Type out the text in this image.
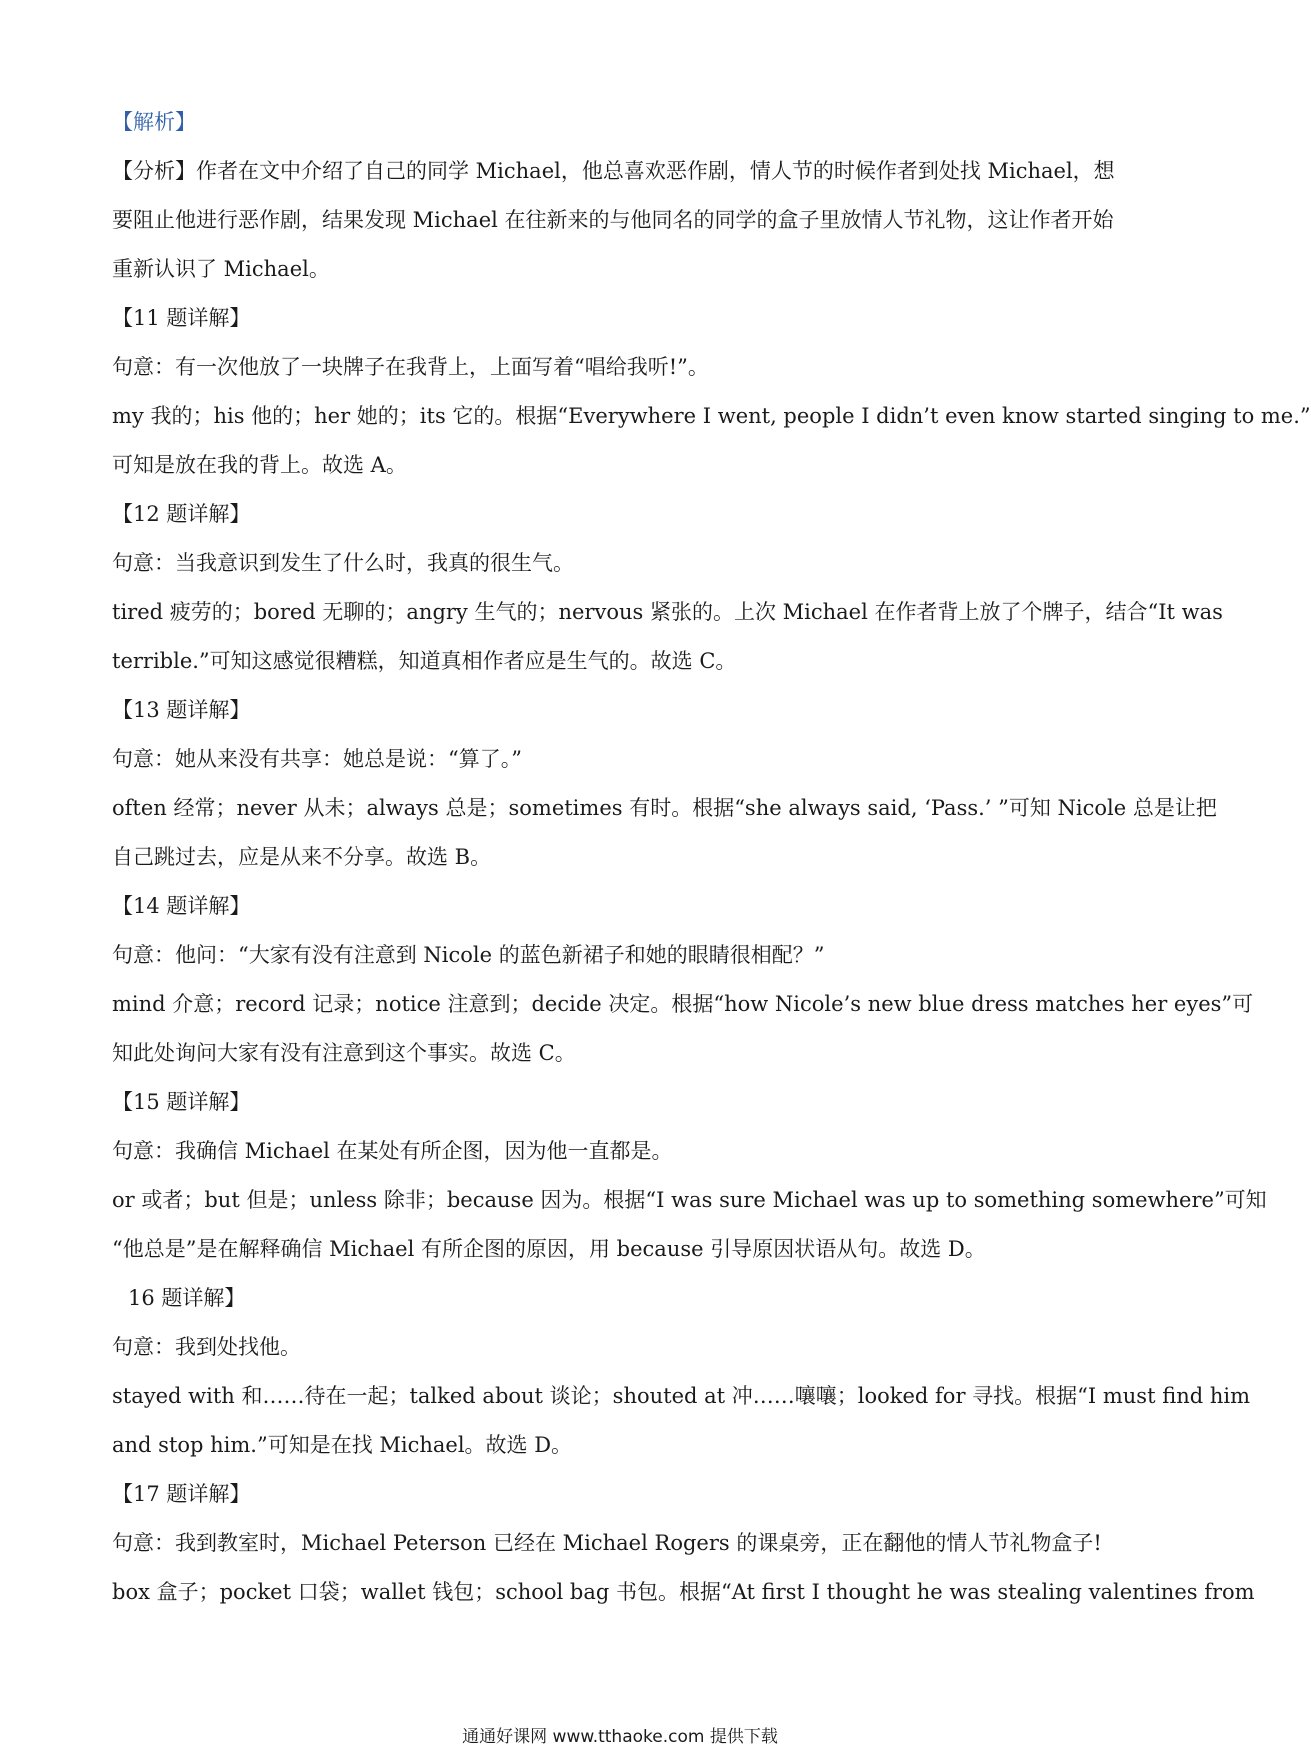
【解析】
【分析】作者在文中介绍了自己的同学 Michael，他总喜欢恶作剧，情人节的时候作者到处找 Michael，想
要阻止他进行恶作剧，结果发现 Michael 在往新来的与他同名的同学的盒子里放情人节礼物，这让作者开始
重新认识了 Michael。
【11 题详解】
句意：有一次他放了一块牌子在我背上，上面写着“唱给我听!”。
my 我的；his 他的；her 她的；its 它的。根据“Everywhere I went, people I didn’t even know started singing to me.”
可知是放在我的背上。故选 A。
【12 题详解】
句意：当我意识到发生了什么时，我真的很生气。
tired 疲劳的；bored 无聊的；angry 生气的；nervous 紧张的。上次 Michael 在作者背上放了个牌子，结合“It was
terrible.”可知这感觉很糟糕，知道真相作者应是生气的。故选 C。
【13 题详解】
句意：她从来没有共享：她总是说：“算了。”
often 经常；never 从未；always 总是；sometimes 有时。根据“she always said, ‘Pass.’ ”可知 Nicole 总是让把
自己跳过去，应是从来不分享。故选 B。
【14 题详解】
句意：他问：“大家有没有注意到 Nicole 的蓝色新裙子和她的眼睛很相配？”
mind 介意；record 记录；notice 注意到；decide 决定。根据“how Nicole’s new blue dress matches her eyes”可
知此处询问大家有没有注意到这个事实。故选 C。
【15 题详解】
句意：我确信 Michael 在某处有所企图，因为他一直都是。
or 或者；but 但是；unless 除非；because 因为。根据“I was sure Michael was up to something somewhere”可知
“他总是”是在解释确信 Michael 有所企图的原因，用 because 引导原因状语从句。故选 D。
16 题详解】
句意：我到处找他。
stayed with 和……待在一起；talked about 谈论；shouted at 冲……嚷嚷；looked for 寻找。根据“I must find him
and stop him.”可知是在找 Michael。故选 D。
【17 题详解】
句意：我到教室时，Michael Peterson 已经在 Michael Rogers 的课桌旁，正在翻他的情人节礼物盒子!
box 盒子；pocket 口袋；wallet 钱包；school bag 书包。根据“At first I thought he was stealing valentines from
通通好课网 www.tthaoke.com 提供下载
